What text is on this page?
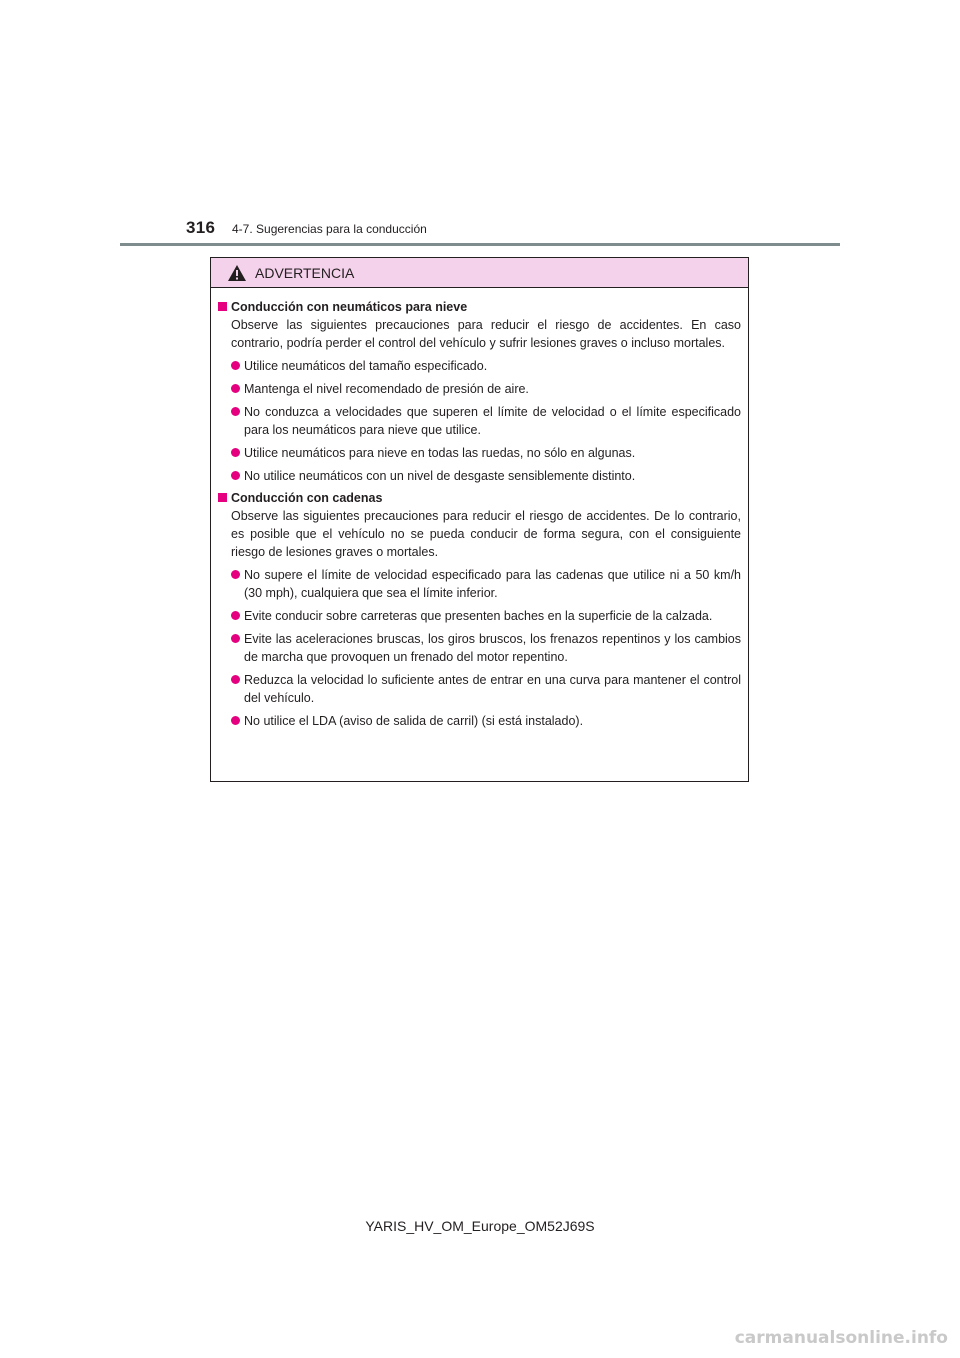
316 4-7. Sugerencias para la conducción
ADVERTENCIA
Conducción con neumáticos para nieve
Observe las siguientes precauciones para reducir el riesgo de accidentes. En caso contrario, podría perder el control del vehículo y sufrir lesiones graves o incluso mortales.
Utilice neumáticos del tamaño especificado.
Mantenga el nivel recomendado de presión de aire.
No conduzca a velocidades que superen el límite de velocidad o el límite especificado para los neumáticos para nieve que utilice.
Utilice neumáticos para nieve en todas las ruedas, no sólo en algunas.
No utilice neumáticos con un nivel de desgaste sensiblemente distinto.
Conducción con cadenas
Observe las siguientes precauciones para reducir el riesgo de accidentes. De lo contrario, es posible que el vehículo no se pueda conducir de forma segura, con el consiguiente riesgo de lesiones graves o mortales.
No supere el límite de velocidad especificado para las cadenas que utilice ni a 50 km/h (30 mph), cualquiera que sea el límite inferior.
Evite conducir sobre carreteras que presenten baches en la superficie de la calzada.
Evite las aceleraciones bruscas, los giros bruscos, los frenazos repentinos y los cambios de marcha que provoquen un frenado del motor repentino.
Reduzca la velocidad lo suficiente antes de entrar en una curva para mantener el control del vehículo.
No utilice el LDA (aviso de salida de carril) (si está instalado).
YARIS_HV_OM_Europe_OM52J69S
carmanualsonline.info
